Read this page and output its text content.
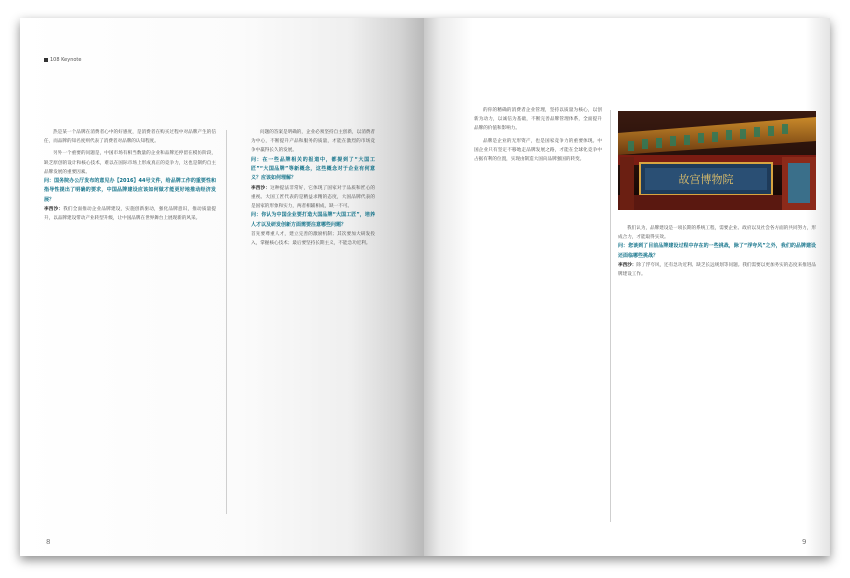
108 Keynote

热是某一个品牌在消费者心中的好感度，是消费者在购买过程中对品牌产生的信任，而品牌的知名度则代表了消费者对品牌的认知程度。

另外一个重要的问题是，中国市场有相当数量的企业和品牌还停留在模仿阶段，缺乏原创的设计和核心技术，难以在国际市场上形成真正的竞争力，这也是制约自主品牌发展的重要因素。

问：国务院办公厅发布的意见办【2016】44号文件，给品牌工作的重要性和指导性提出了明确的要求，中国品牌建设应该如何做才能更好地推动经济发展？

李西沙：我们全面推动企业品牌建设，实施创新驱动，强化品牌意识，推动质量提升，以品牌建设带动产业转型升级，让中国品牌在世界舞台上展现新的风采。

问题的答案是明确的，企业必须坚持自主创新，以消费者为中心，不断提升产品和服务的质量，才能在激烈的市场竞争中赢得长久的发展。

问：在一些品牌相关的报道中，都提到了“大国工匠”“大国品牌”等新概念，这些概念对于企业有何意义？应该如何理解？

李西沙：这种提法非常好，它体现了国家对于品质和匠心的重视。大国工匠代表的是精益求精的态度，大国品牌代表的是国家的形象和实力，两者相辅相成，缺一不可。

问：你认为中国企业要打造大国品牌“大国工匠”，培养人才以及研发创新方面需要注意哪些问题？

首先要尊重人才，建立完善的激励机制；其次要加大研发投入，掌握核心技术；最后要坚持长期主义，不能急功近利。

8

的你的精确的消费者企业管理，坚持以质量为核心，以创新为动力，以诚信为基础，不断完善品牌管理体系，全面提升品牌的价值和影响力。

品牌是企业的无形资产，也是国家竞争力的重要体现。中国企业只有坚定不移地走品牌发展之路，才能在全球化竞争中占据有利的位置，实现由制造大国向品牌强国的转变。

故宫博物院

我们认为，品牌建设是一项长期的系统工程，需要企业、政府以及社会各方面的共同努力，形成合力，才能取得实效。

问：您谈到了目前品牌建设过程中存在的一些挑战，除了“浮夸风”之外，我们的品牌建设还面临哪些挑战？

李西沙：除了浮夸风，还有急功近利、缺乏长远规划等问题。我们需要以更加务实的态度来推进品牌建设工作。

9
